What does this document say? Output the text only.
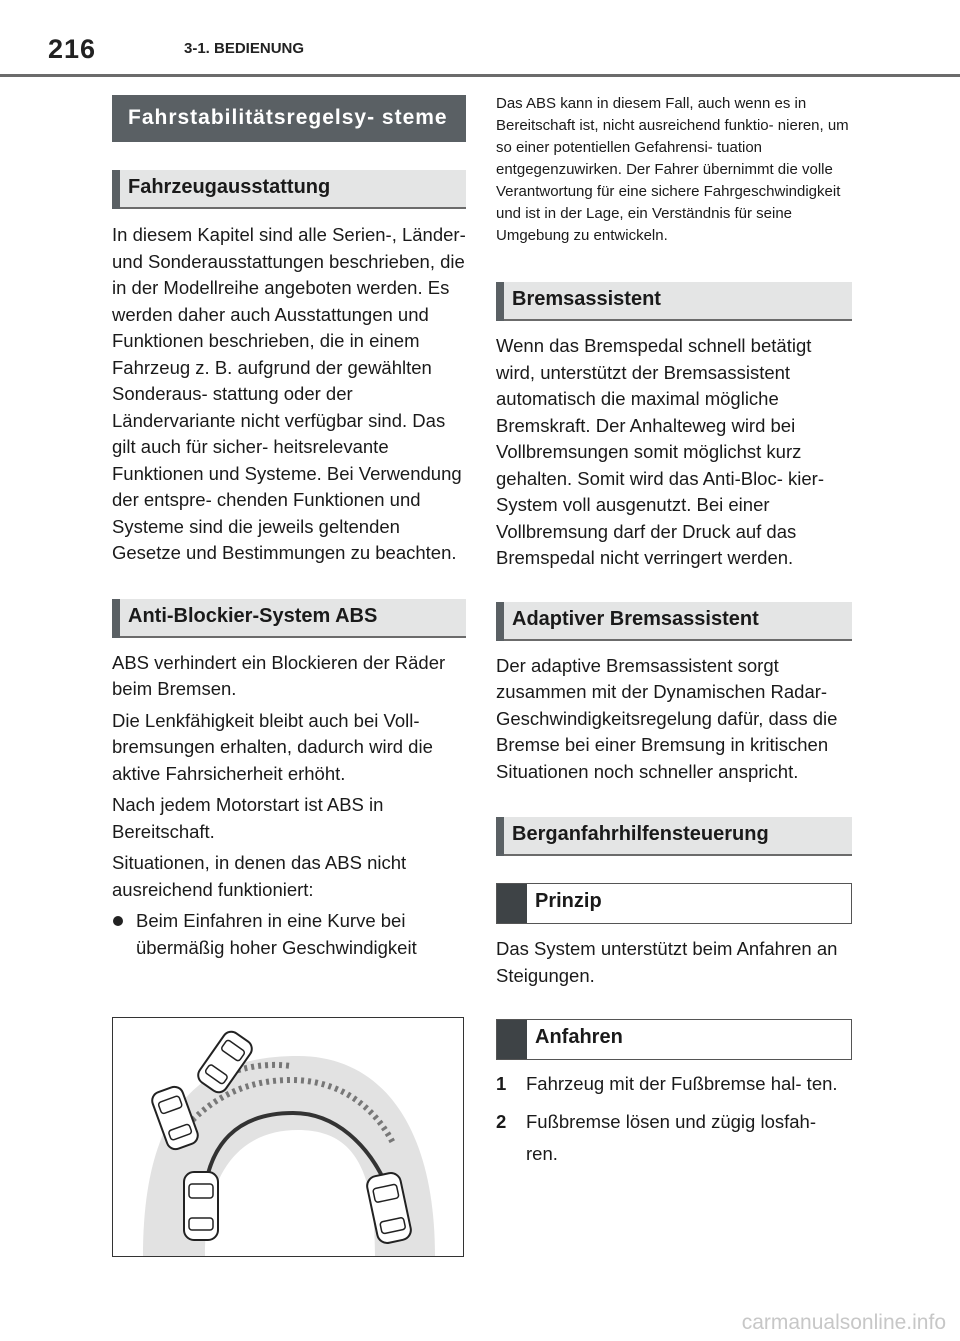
216	3-1. BEDIENUNG
Fahrstabilitätsregelsy- steme
Fahrzeugausstattung

In diesem Kapitel sind alle Serien-, Länder- und Sonderausstattungen beschrieben, die in der Modellreihe angeboten werden. Es werden daher auch Ausstattungen und Funktionen beschrieben, die in einem Fahrzeug z. B. aufgrund der gewählten Sonderaus- stattung oder der Ländervariante nicht verfügbar sind. Das gilt auch für sicher- heitsrelevante Funktionen und Systeme. Bei Verwendung der entspre- chenden Funktionen und Systeme sind die jeweils geltenden Gesetze und Bestimmungen zu beachten.

Anti-Blockier-System ABS

ABS verhindert ein Blockieren der Räder beim Bremsen.

Die Lenkfähigkeit bleibt auch bei Voll- bremsungen erhalten, dadurch wird die aktive Fahrsicherheit erhöht.

Nach jedem Motorstart ist ABS in Bereitschaft.

Situationen, in denen das ABS nicht ausreichend funktioniert:

Beim Einfahren in eine Kurve bei übermäßig hoher Geschwindigkeit

Das ABS kann in diesem Fall, auch wenn es in Bereitschaft ist, nicht ausreichend funktio- nieren, um so einer potentiellen Gefahrensi- tuation entgegenzuwirken. Der Fahrer übernimmt die volle Verantwortung für eine sichere Fahrgeschwindigkeit und ist in der Lage, ein Verständnis für seine Umgebung zu entwickeln.

Bremsassistent

Wenn das Bremspedal schnell betätigt wird, unterstützt der Bremsassistent automatisch die maximal mögliche Bremskraft. Der Anhalteweg wird bei Vollbremsungen somit möglichst kurz gehalten. Somit wird das Anti-Bloc- kier-System voll ausgenutzt. Bei einer Vollbremsung darf der Druck auf das Bremspedal nicht verringert werden.

Adaptiver Bremsassistent

Der adaptive Bremsassistent sorgt zusammen mit der Dynamischen Radar-Geschwindigkeitsregelung dafür, dass die Bremse bei einer Bremsung in kritischen Situationen noch schneller anspricht.

Berganfahrhilfensteuerung
Prinzip

Das System unterstützt beim Anfahren an Steigungen.

Anfahren
1 Fahrzeug mit der Fußbremse hal- ten.
2 Fußbremse lösen und zügig losfah- ren.
carmanualsonline.info
